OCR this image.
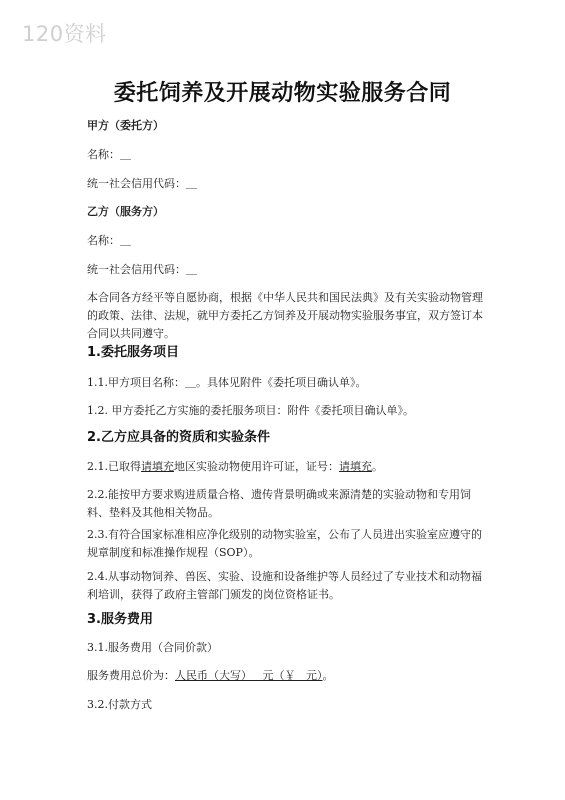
120资料
委托饲养及开展动物实验服务合同
甲方（委托方）
名称：＿
统一社会信用代码：＿
乙方（服务方）
名称：＿
统一社会信用代码：＿
本合同各方经平等自愿协商，根据《中华人民共和国民法典》及有关实验动物管理的政策、法律、法规，就甲方委托乙方饲养及开展动物实验服务事宜，双方签订本合同以共同遵守。
1.委托服务项目
1.1.甲方项目名称：＿。具体见附件《委托项目确认单》。
1.2. 甲方委托乙方实施的委托服务项目：附件《委托项目确认单》。
2.乙方应具备的资质和实验条件
2.1.已取得请填充地区实验动物使用许可证，证号：请填充。
2.2.能按甲方要求购进质量合格、遗传背景明确或来源清楚的实验动物和专用饲料、垫料及其他相关物品。
2.3.有符合国家标准相应净化级别的动物实验室，公布了人员进出实验室应遵守的规章制度和标准操作规程（SOP）。
2.4.从事动物饲养、兽医、实验、设施和设备维护等人员经过了专业技术和动物福利培训，获得了政府主管部门颁发的岗位资格证书。
3.服务费用
3.1.服务费用（合同价款）
服务费用总价为：人民币（大写）   元（￥   元）。
3.2.付款方式
